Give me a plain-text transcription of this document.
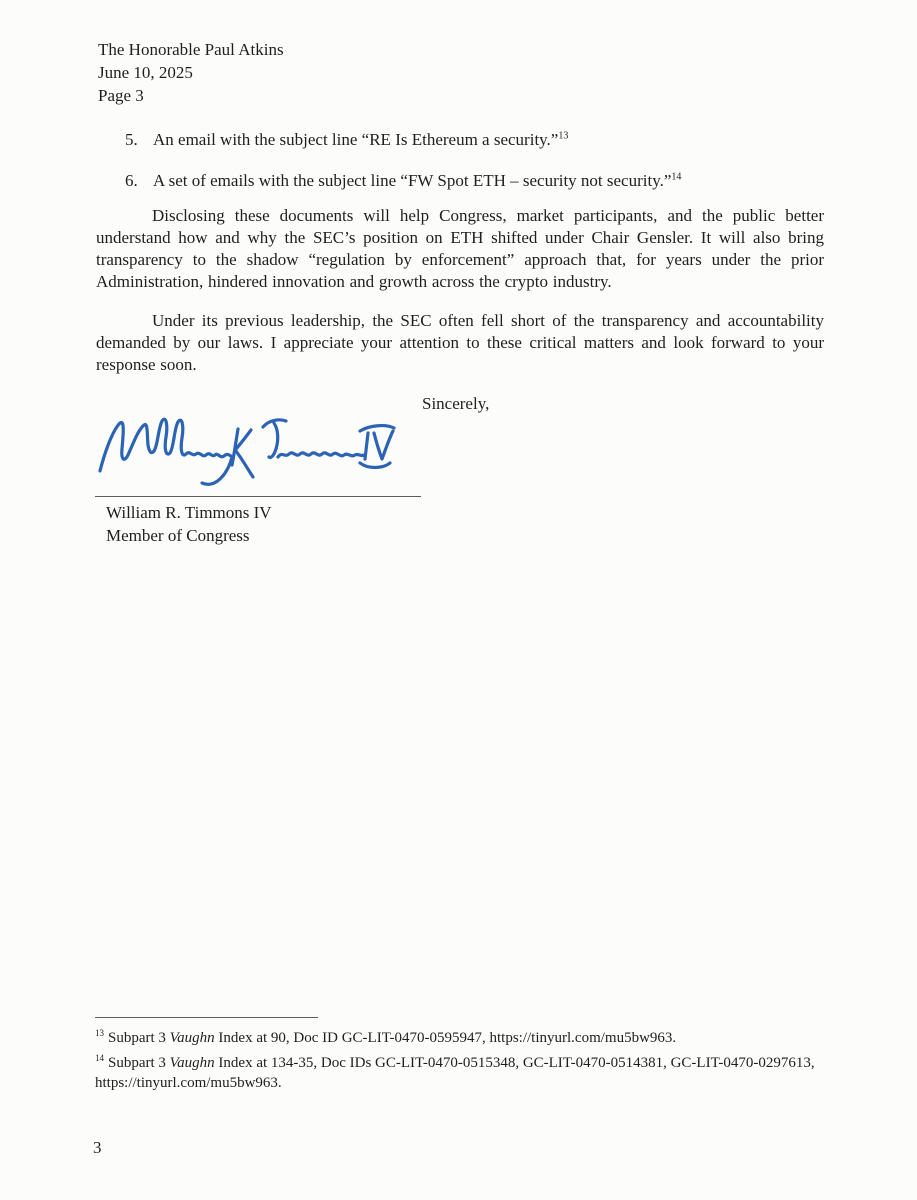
The Honorable Paul Atkins
June 10, 2025
Page 3
5. An email with the subject line “RE Is Ethereum a security.”$^{13}$
6. A set of emails with the subject line “FW Spot ETH – security not security.”$^{14}$

Disclosing these documents will help Congress, market participants, and the public better understand how and why the SEC’s position on ETH shifted under Chair Gensler. It will also bring transparency to the shadow “regulation by enforcement” approach that, for years under the prior Administration, hindered innovation and growth across the crypto industry.

Under its previous leadership, the SEC often fell short of the transparency and accountability demanded by our laws. I appreciate your attention to these critical matters and look forward to your response soon.

Sincerely,
William R. Timmons IV
Member of Congress
$^{13}$ Subpart 3 Vaughn Index at 90, Doc ID GC-LIT-0470-0595947, https://tinyurl.com/mu5bw963.
$^{14}$ Subpart 3 Vaughn Index at 134-35, Doc IDs GC-LIT-0470-0515348, GC-LIT-0470-0514381, GC-LIT-0470-0297613, https://tinyurl.com/mu5bw963.
3
